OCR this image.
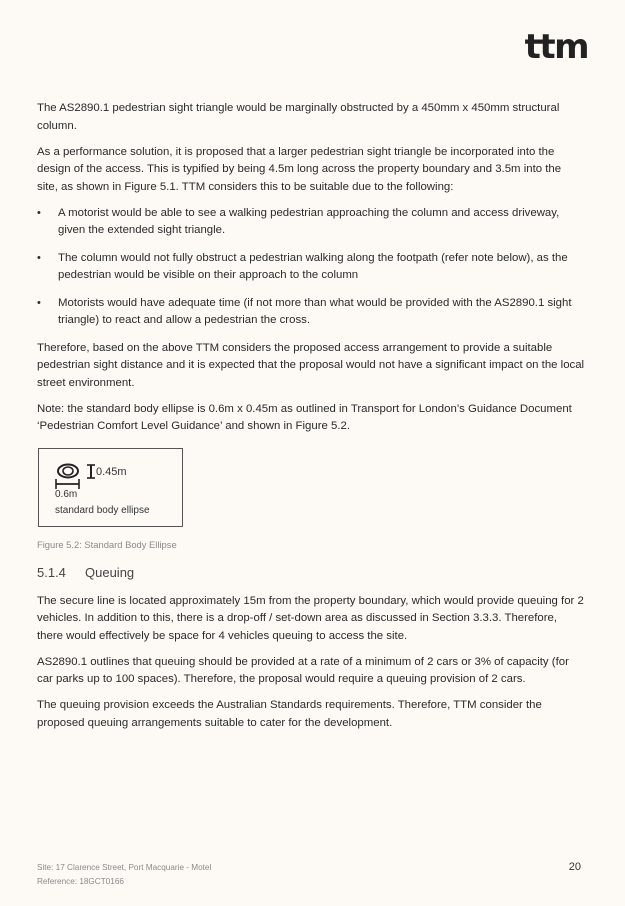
ttm

The AS2890.1 pedestrian sight triangle would be marginally obstructed by a 450mm x 450mm structural column.

As a performance solution, it is proposed that a larger pedestrian sight triangle be incorporated into the design of the access. This is typified by being 4.5m long across the property boundary and 3.5m into the site, as shown in Figure 5.1. TTM considers this to be suitable due to the following:

• A motorist would be able to see a walking pedestrian approaching the column and access driveway, given the extended sight triangle.
• The column would not fully obstruct a pedestrian walking along the footpath (refer note below), as the pedestrian would be visible on their approach to the column
• Motorists would have adequate time (if not more than what would be provided with the AS2890.1 sight triangle) to react and allow a pedestrian the cross.

Therefore, based on the above TTM considers the proposed access arrangement to provide a suitable pedestrian sight distance and it is expected that the proposal would not have a significant impact on the local street environment.

Note: the standard body ellipse is 0.6m x 0.45m as outlined in Transport for London’s Guidance Document ‘Pedestrian Comfort Level Guidance’ and shown in Figure 5.2.

0.45m
0.6m
standard body ellipse
Figure 5.2: Standard Body Ellipse
5.1.4 Queuing

The secure line is located approximately 15m from the property boundary, which would provide queuing for 2 vehicles. In addition to this, there is a drop-off / set-down area as discussed in Section 3.3.3. Therefore, there would effectively be space for 4 vehicles queuing to access the site.

AS2890.1 outlines that queuing should be provided at a rate of a minimum of 2 cars or 3% of capacity (for car parks up to 100 spaces). Therefore, the proposal would require a queuing provision of 2 cars.

The queuing provision exceeds the Australian Standards requirements. Therefore, TTM consider the proposed queuing arrangements suitable to cater for the development.

Site: 17 Clarence Street, Port Macquarie - Motel
Reference: 18GCT0166
20
